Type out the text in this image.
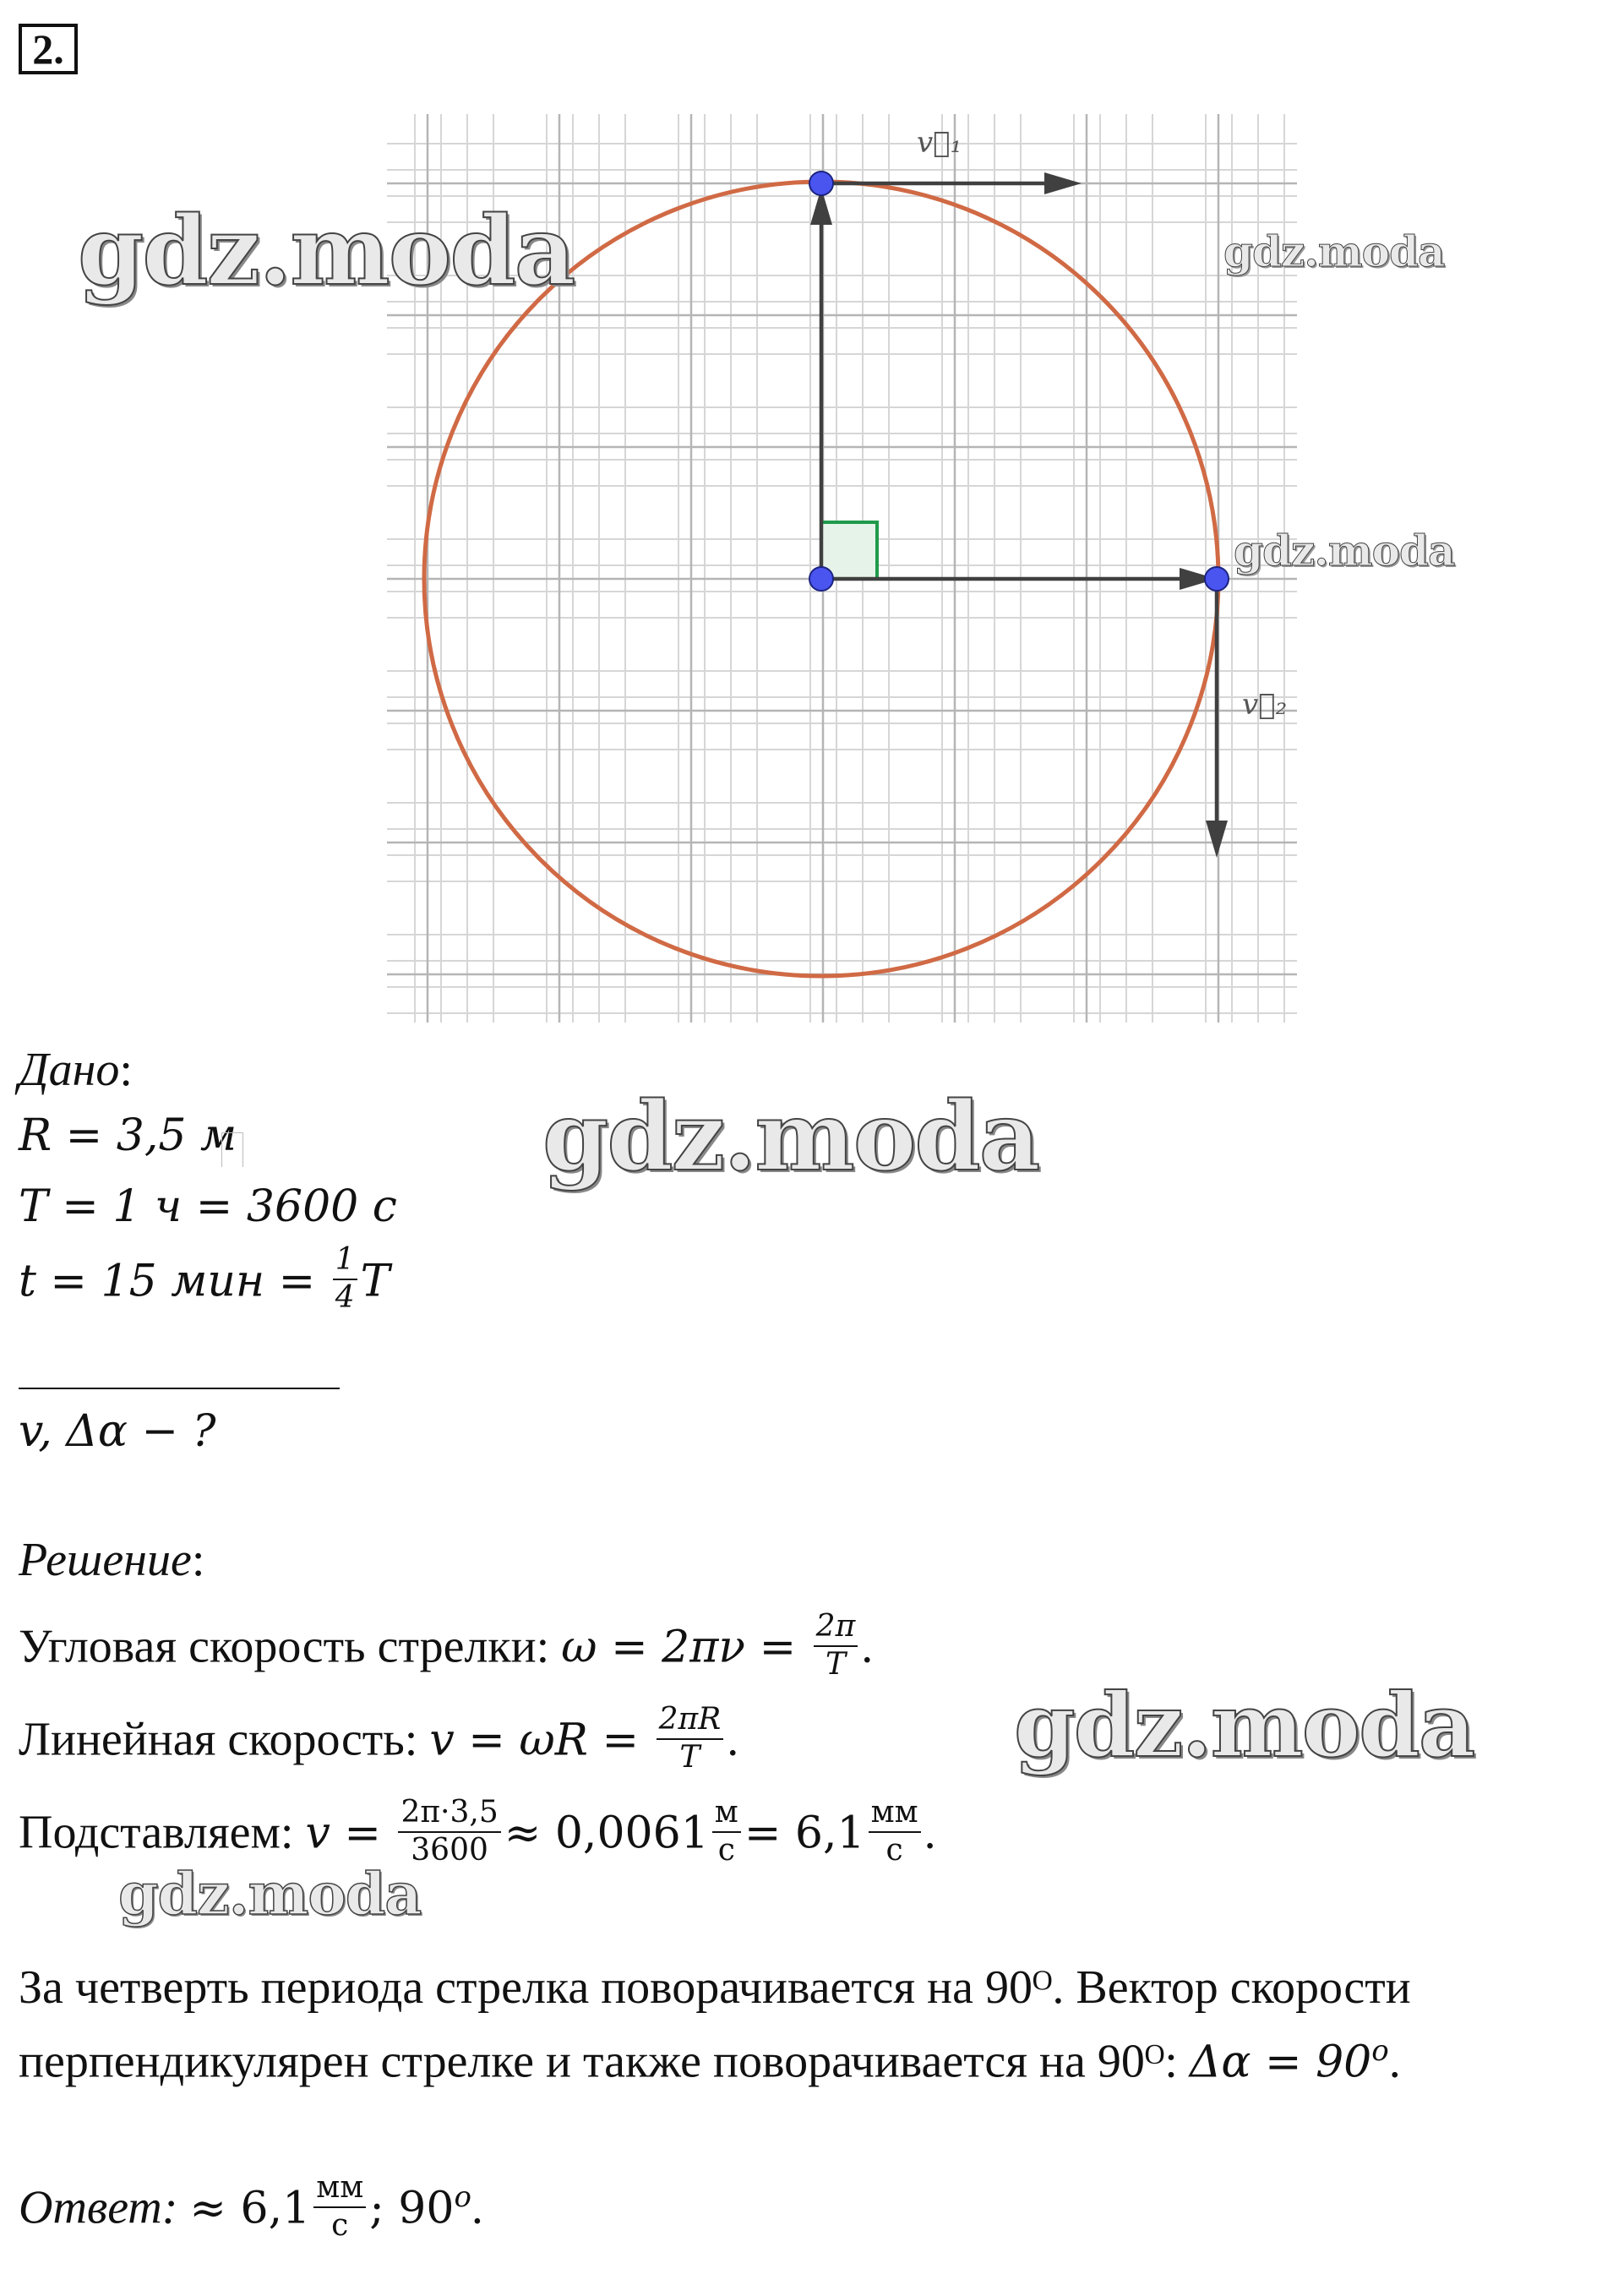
2.
v⃗₁
v⃗₂
gdz.moda	gdz.moda
gdz.moda
gdz.moda
gdz.moda
gdz.moda
Дано:
R = 3,5 м
T = 1 ч = 3600 с
t = 15 мин = $\frac{1}{4}$ T
v, Δα − ?
Решение:
Угловая скорость стрелки: $\omega = 2\pi\nu = \frac{2\pi}{T}$ .
Линейная скорость: $v = \omega R = \frac{2\pi R}{T}$ .
Подставляем: $v = \frac{2\pi\cdot 3,5}{3600} \approx 0,0061 \frac{м}{с} = 6,1 \frac{мм}{с}$ .
За четверть периода стрелка поворачивается на 90ᴼ. Вектор скорости
перпендикулярен стрелке и также поворачивается на 90ᴼ: $\Delta\alpha = 90^o$.
Ответ: ≈ $6,1 \frac{мм}{с}$ ; 90$^o$.
